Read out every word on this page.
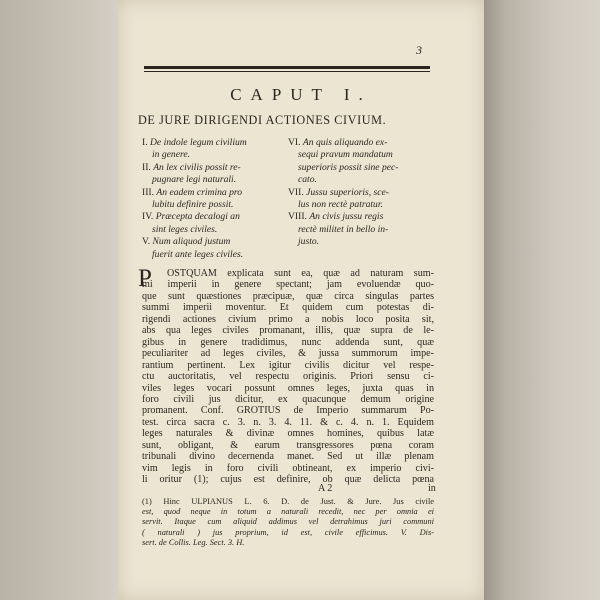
3
CAPUT I.
DE JURE DIRIGENDI ACTIONES CIVIUM.
I. De indole legum civilium
in genere.
II. An lex civilis possit re-
pugnare legi naturali.
III. An eadem crimina pro
lubitu definire possit.
IV. Præcepta decalogi an
sint leges civiles.
V. Num aliquod justum
fuerit ante leges civiles.
VI. An quis aliquando ex-
sequi pravum mandatum
superioris possit sine pec-
cato.
VII. Jussu superioris, sce-
lus non rectè patratur.
VIII. An civis jussu regis
rectè militet in bello in-
justo.
P	OSTQUAM explicata sunt ea, quæ ad naturam sum-
mi imperii in genere spectant; jam evoluendæ quo-
que sunt quæstiones præcipuæ, quæ circa singulas partes
summi imperii moventur. Et quidem cum potestas di-
rigendi actiones civium primo a nobis loco posita sit,
abs qua leges civiles promanant, illis, quæ supra de le-
gibus in genere tradidimus, nunc addenda sunt, quæ
peculiariter ad leges civiles, & jussa summorum impe-
rantium pertinent. Lex igitur civilis dicitur vel respe-
ctu auctoritatis, vel respectu originis. Priori sensu ci-
viles leges vocari possunt omnes leges, juxta quas in
foro civili jus dicitur, ex quacunque demum origine
promanent. Conf. GROTIUS de Imperio summarum Po-
test. circa sacra c. 3. n. 3. 4. 11. & c. 4. n. 1. Equidem
leges naturales & divinæ omnes homines, quibus latæ
sunt, obligant, & earum transgressores pœna coram
tribunali divino decernenda manet. Sed ut illæ plenam
vim legis in foro civili obtineant, ex imperio civi-
li oritur (1); cujus est definire, ob quæ delicta pœna
A 2	in
(1) Hinc ULPIANUS L. 6. D. de Just. & Jure. Jus civile
est, quod neque in totum a naturali recedit, nec per omnia ei
servit. Itaque cum aliquid addimus vel detrahimus juri communi
( naturali ) jus proprium, id est, civile efficimus. V. Dis-
sert. de Collis. Leg. Sect. 3. H.
